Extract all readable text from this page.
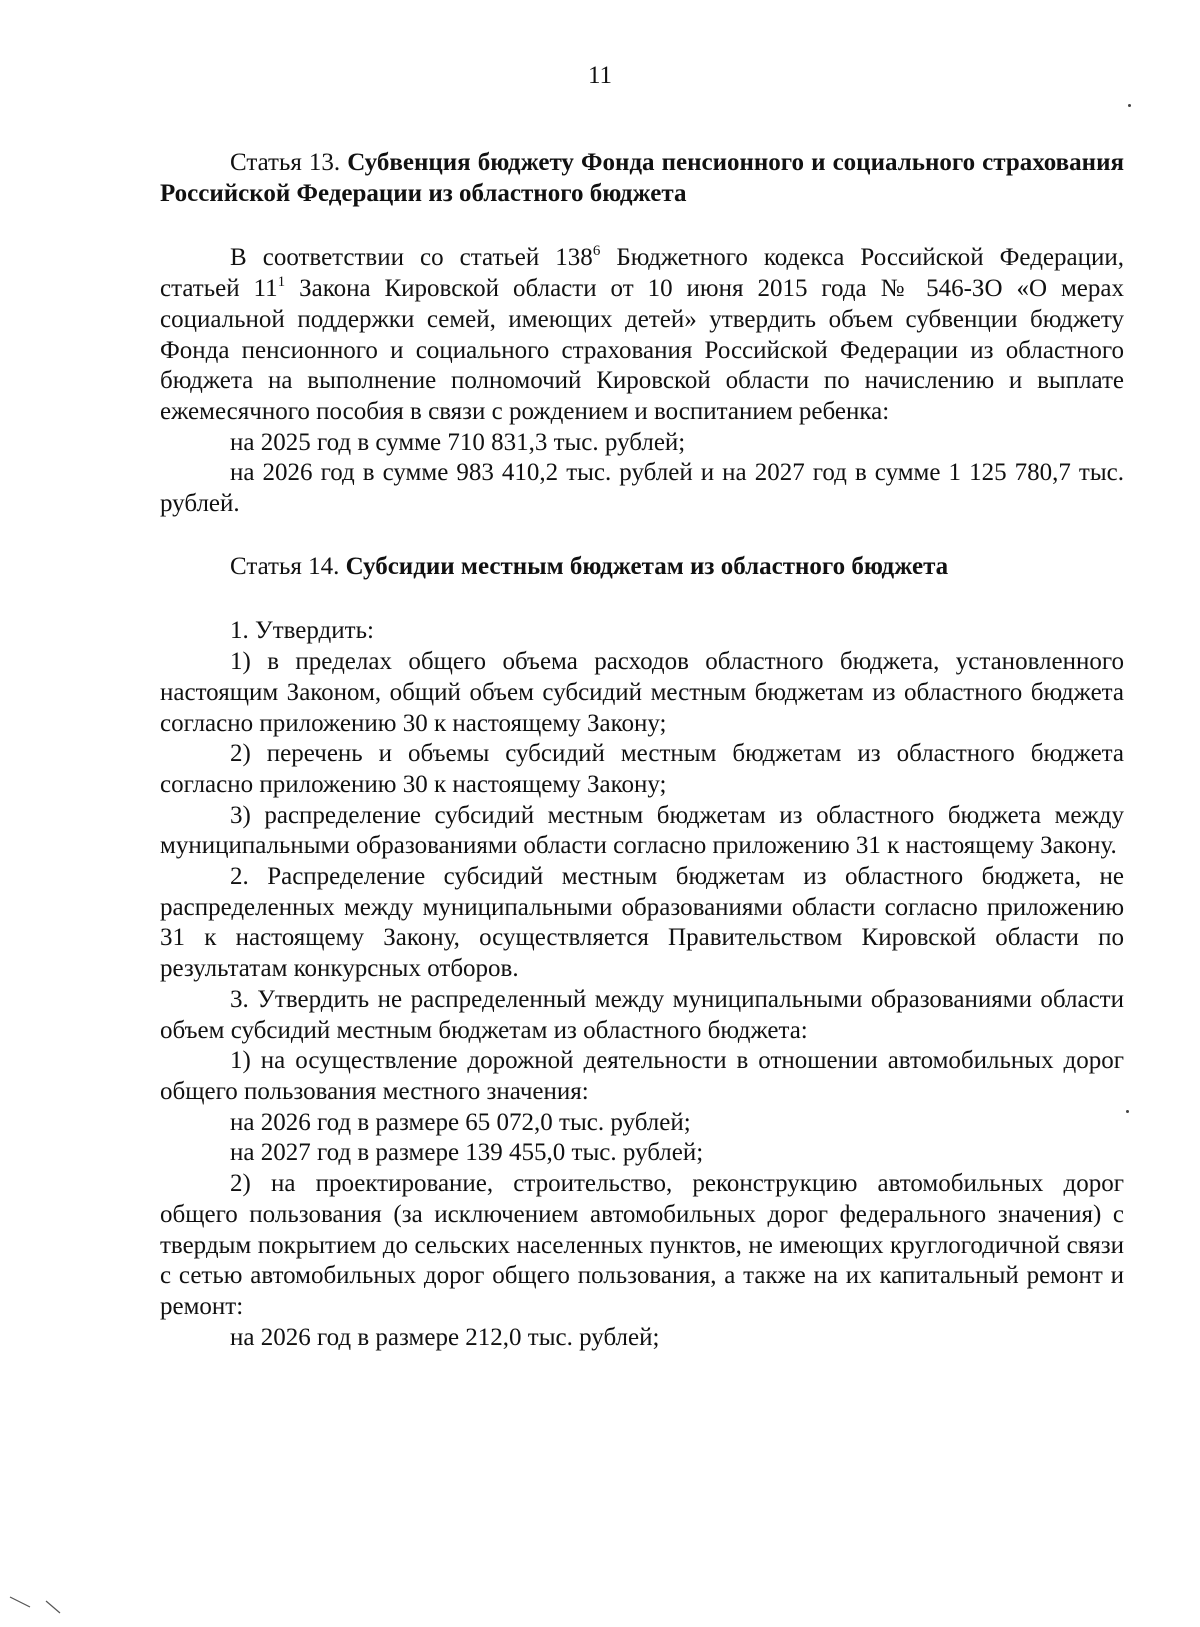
11

Статья 13. Субвенция бюджету Фонда пенсионного и социального страхования Российской Федерации из областного бюджета

В соответствии со статьей $138^6$ Бюджетного кодекса Российской Федерации, статьей $11^1$ Закона Кировской области от 10 июня 2015 года № 546-ЗО «О мерах социальной поддержки семей, имеющих детей» утвердить объем субвенции бюджету Фонда пенсионного и социального страхования Российской Федерации из областного бюджета на выполнение полномочий Кировской области по начислению и выплате ежемесячного пособия в связи с рождением и воспитанием ребенка:

на 2025 год в сумме 710 831,3 тыс. рублей;

на 2026 год в сумме 983 410,2 тыс. рублей и на 2027 год в сумме 1 125 780,7 тыс. рублей.

Статья 14. Субсидии местным бюджетам из областного бюджета

1. Утвердить:

1) в пределах общего объема расходов областного бюджета, установленного настоящим Законом, общий объем субсидий местным бюджетам из областного бюджета согласно приложению 30 к настоящему Закону;

2) перечень и объемы субсидий местным бюджетам из областного бюджета согласно приложению 30 к настоящему Закону;

3) распределение субсидий местным бюджетам из областного бюджета между муниципальными образованиями области согласно приложению 31 к настоящему Закону.

2. Распределение субсидий местным бюджетам из областного бюджета, не распределенных между муниципальными образованиями области согласно приложению 31 к настоящему Закону, осуществляется Правительством Кировской области по результатам конкурсных отборов.

3. Утвердить не распределенный между муниципальными образованиями области объем субсидий местным бюджетам из областного бюджета:

1) на осуществление дорожной деятельности в отношении автомобильных дорог общего пользования местного значения:

на 2026 год в размере 65 072,0 тыс. рублей;

на 2027 год в размере 139 455,0 тыс. рублей;

2) на проектирование, строительство, реконструкцию автомобильных дорог общего пользования (за исключением автомобильных дорог федерального значения) с твердым покрытием до сельских населенных пунктов, не имеющих круглогодичной связи с сетью автомобильных дорог общего пользования, а также на их капитальный ремонт и ремонт:

на 2026 год в размере 212,0 тыс. рублей;
